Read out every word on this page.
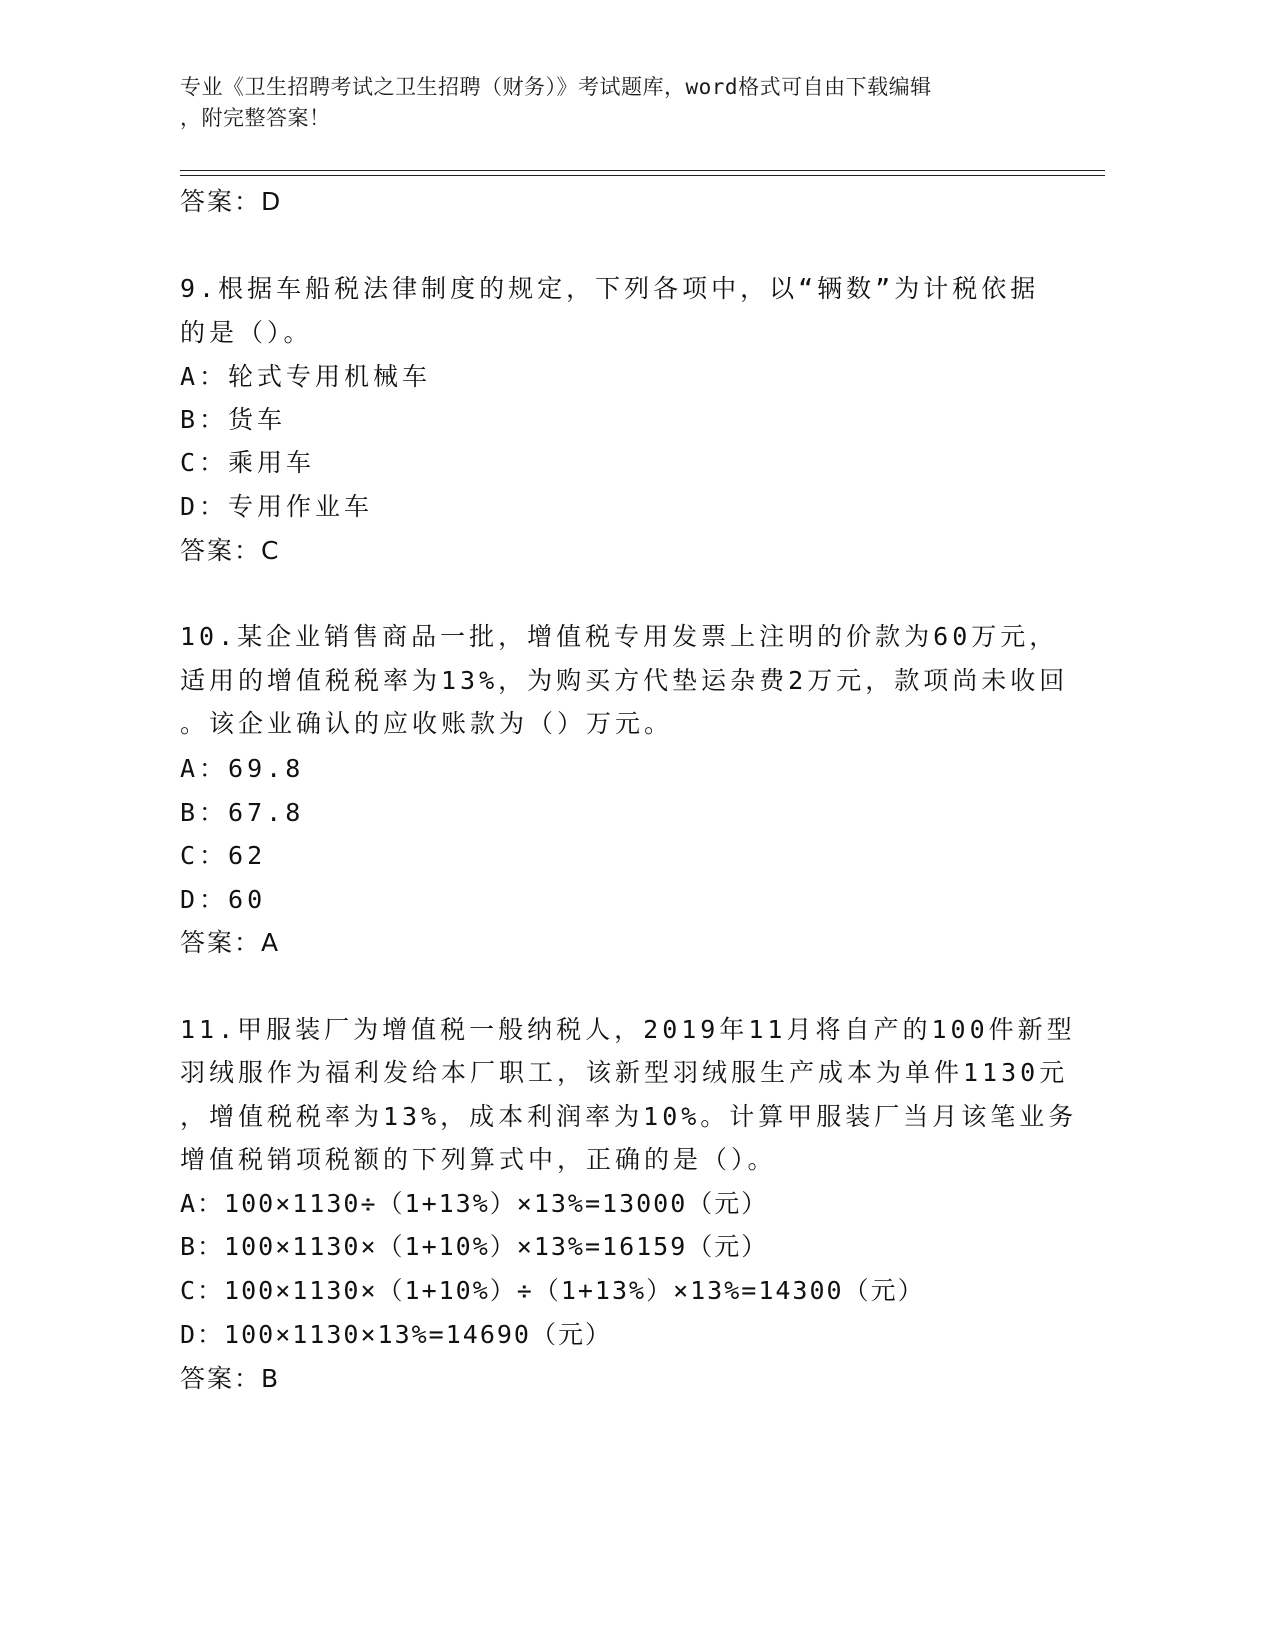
专业《卫生招聘考试之卫生招聘（财务）》考试题库，word格式可自由下载编辑
，附完整答案！
答案：D
9.根据车船税法律制度的规定，下列各项中，以“辆数”为计税依据
的是（）。
A：轮式专用机械车
B：货车
C：乘用车
D：专用作业车
答案：C
10.某企业销售商品一批，增值税专用发票上注明的价款为60万元，
适用的增值税税率为13%，为购买方代垫运杂费2万元，款项尚未收回
。该企业确认的应收账款为（）万元。
A：69.8
B：67.8
C：62
D：60
答案：A
11.甲服装厂为增值税一般纳税人，2019年11月将自产的100件新型
羽绒服作为福利发给本厂职工，该新型羽绒服生产成本为单件1130元
，增值税税率为13%，成本利润率为10%。计算甲服装厂当月该笔业务
增值税销项税额的下列算式中，正确的是（）。
A：100×1130÷（1+13%）×13%=13000（元）
B：100×1130×（1+10%）×13%=16159（元）
C：100×1130×（1+10%）÷（1+13%）×13%=14300（元）
D：100×1130×13%=14690（元）
答案：B
